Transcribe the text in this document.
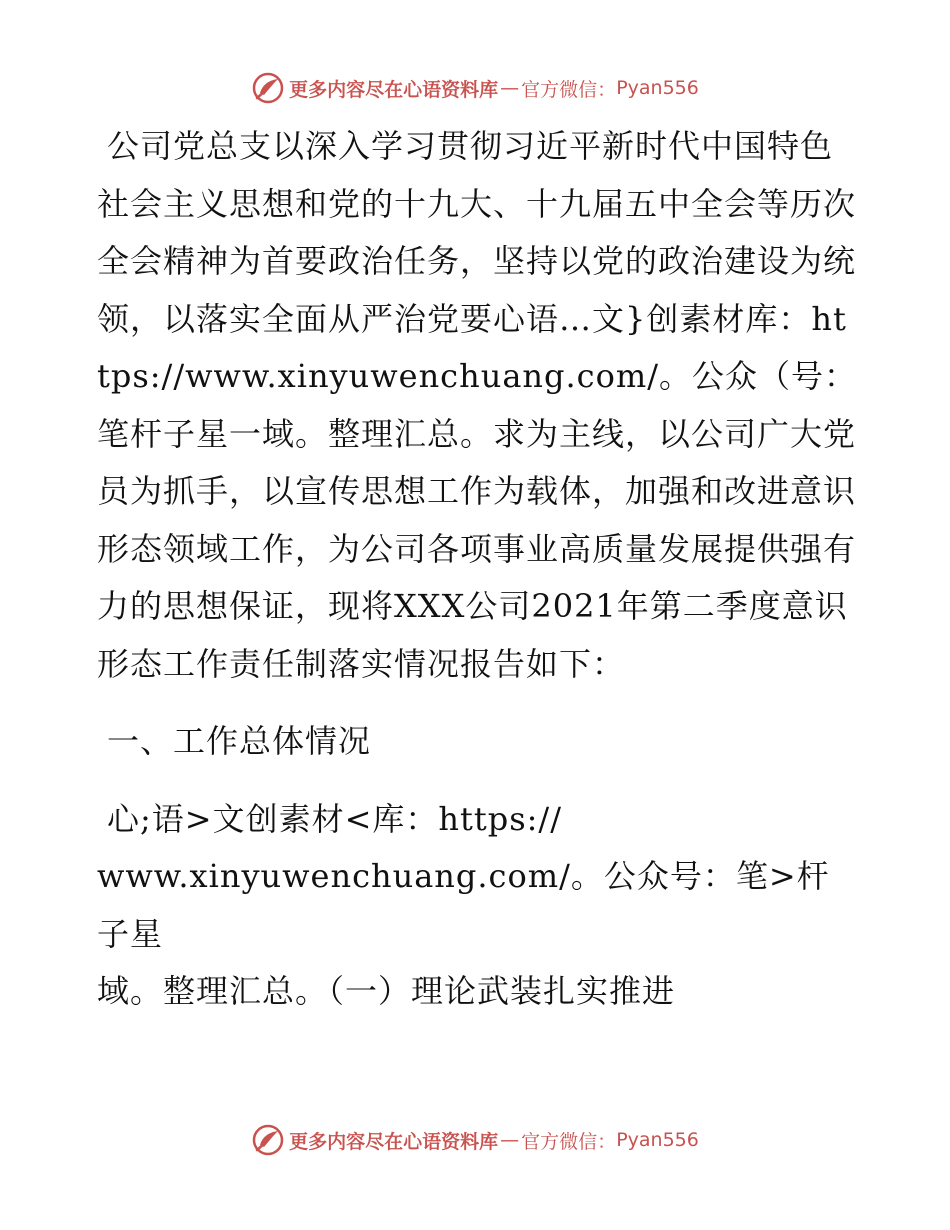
更多内容尽在心语资料库 — 官方微信： Pyan556

公司党总支以深入学习贯彻习近平新时代中国特色社会主义思想和党的十九大、十九届五中全会等历次全会精神为首要政治任务，坚持以党的政治建设为统领，以落实全面从严治党要心语…文}创素材库：https://www.xinyuwenchuang.com/。公众（号：笔杆子星一域。整理汇总。求为主线，以公司广大党员为抓手，以宣传思想工作为载体，加强和改进意识形态领域工作，为公司各项事业高质量发展提供强有力的思想保证，现将XXX公司2021年第二季度意识形态工作责任制落实情况报告如下：

一、工作总体情况

心;语>文创素材<库：https://
www.xinyuwenchuang.com/。公众号：笔>杆子星
域。整理汇总。（一）理论武装扎实推进

更多内容尽在心语资料库 — 官方微信： Pyan556
